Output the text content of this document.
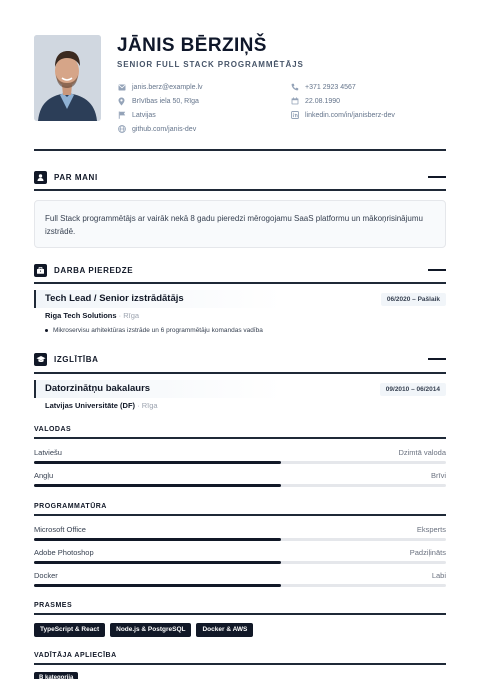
JĀNIS BĒRZIŅŠ
SENIOR FULL STACK PROGRAMMĒTĀJS
janis.berz@example.lv
Brīvības iela 50, Rīga
Latvijas
github.com/janis-dev
+371 2923 4567
22.08.1990
linkedin.com/in/janisberz-dev
PAR MANI
Full Stack programmētājs ar vairāk nekā 8 gadu pieredzi mērogojamu SaaS platformu un mākoņrisinājumu izstrādē.
DARBA PIEREDZE
Tech Lead / Senior izstrādātājs	06/2020 – Pašlaik
Riga Tech Solutions · Rīga
Mikroservisu arhitektūras izstrāde un 6 programmētāju komandas vadība
IZGLĪTĪBA
Datorzinātņu bakalaurs	09/2010 – 06/2014
Latvijas Universitāte (DF) · Rīga
VALODAS
Latviešu	Dzimtā valoda
Angļu	Brīvi
PROGRAMMATŪRA
Microsoft Office	Eksperts
Adobe Photoshop	Padziļināts
Docker	Labi
PRASMES
TypeScript & React	Node.js & PostgreSQL	Docker & AWS
VADĪTĀJA APLIECĪBA
B kategorija
